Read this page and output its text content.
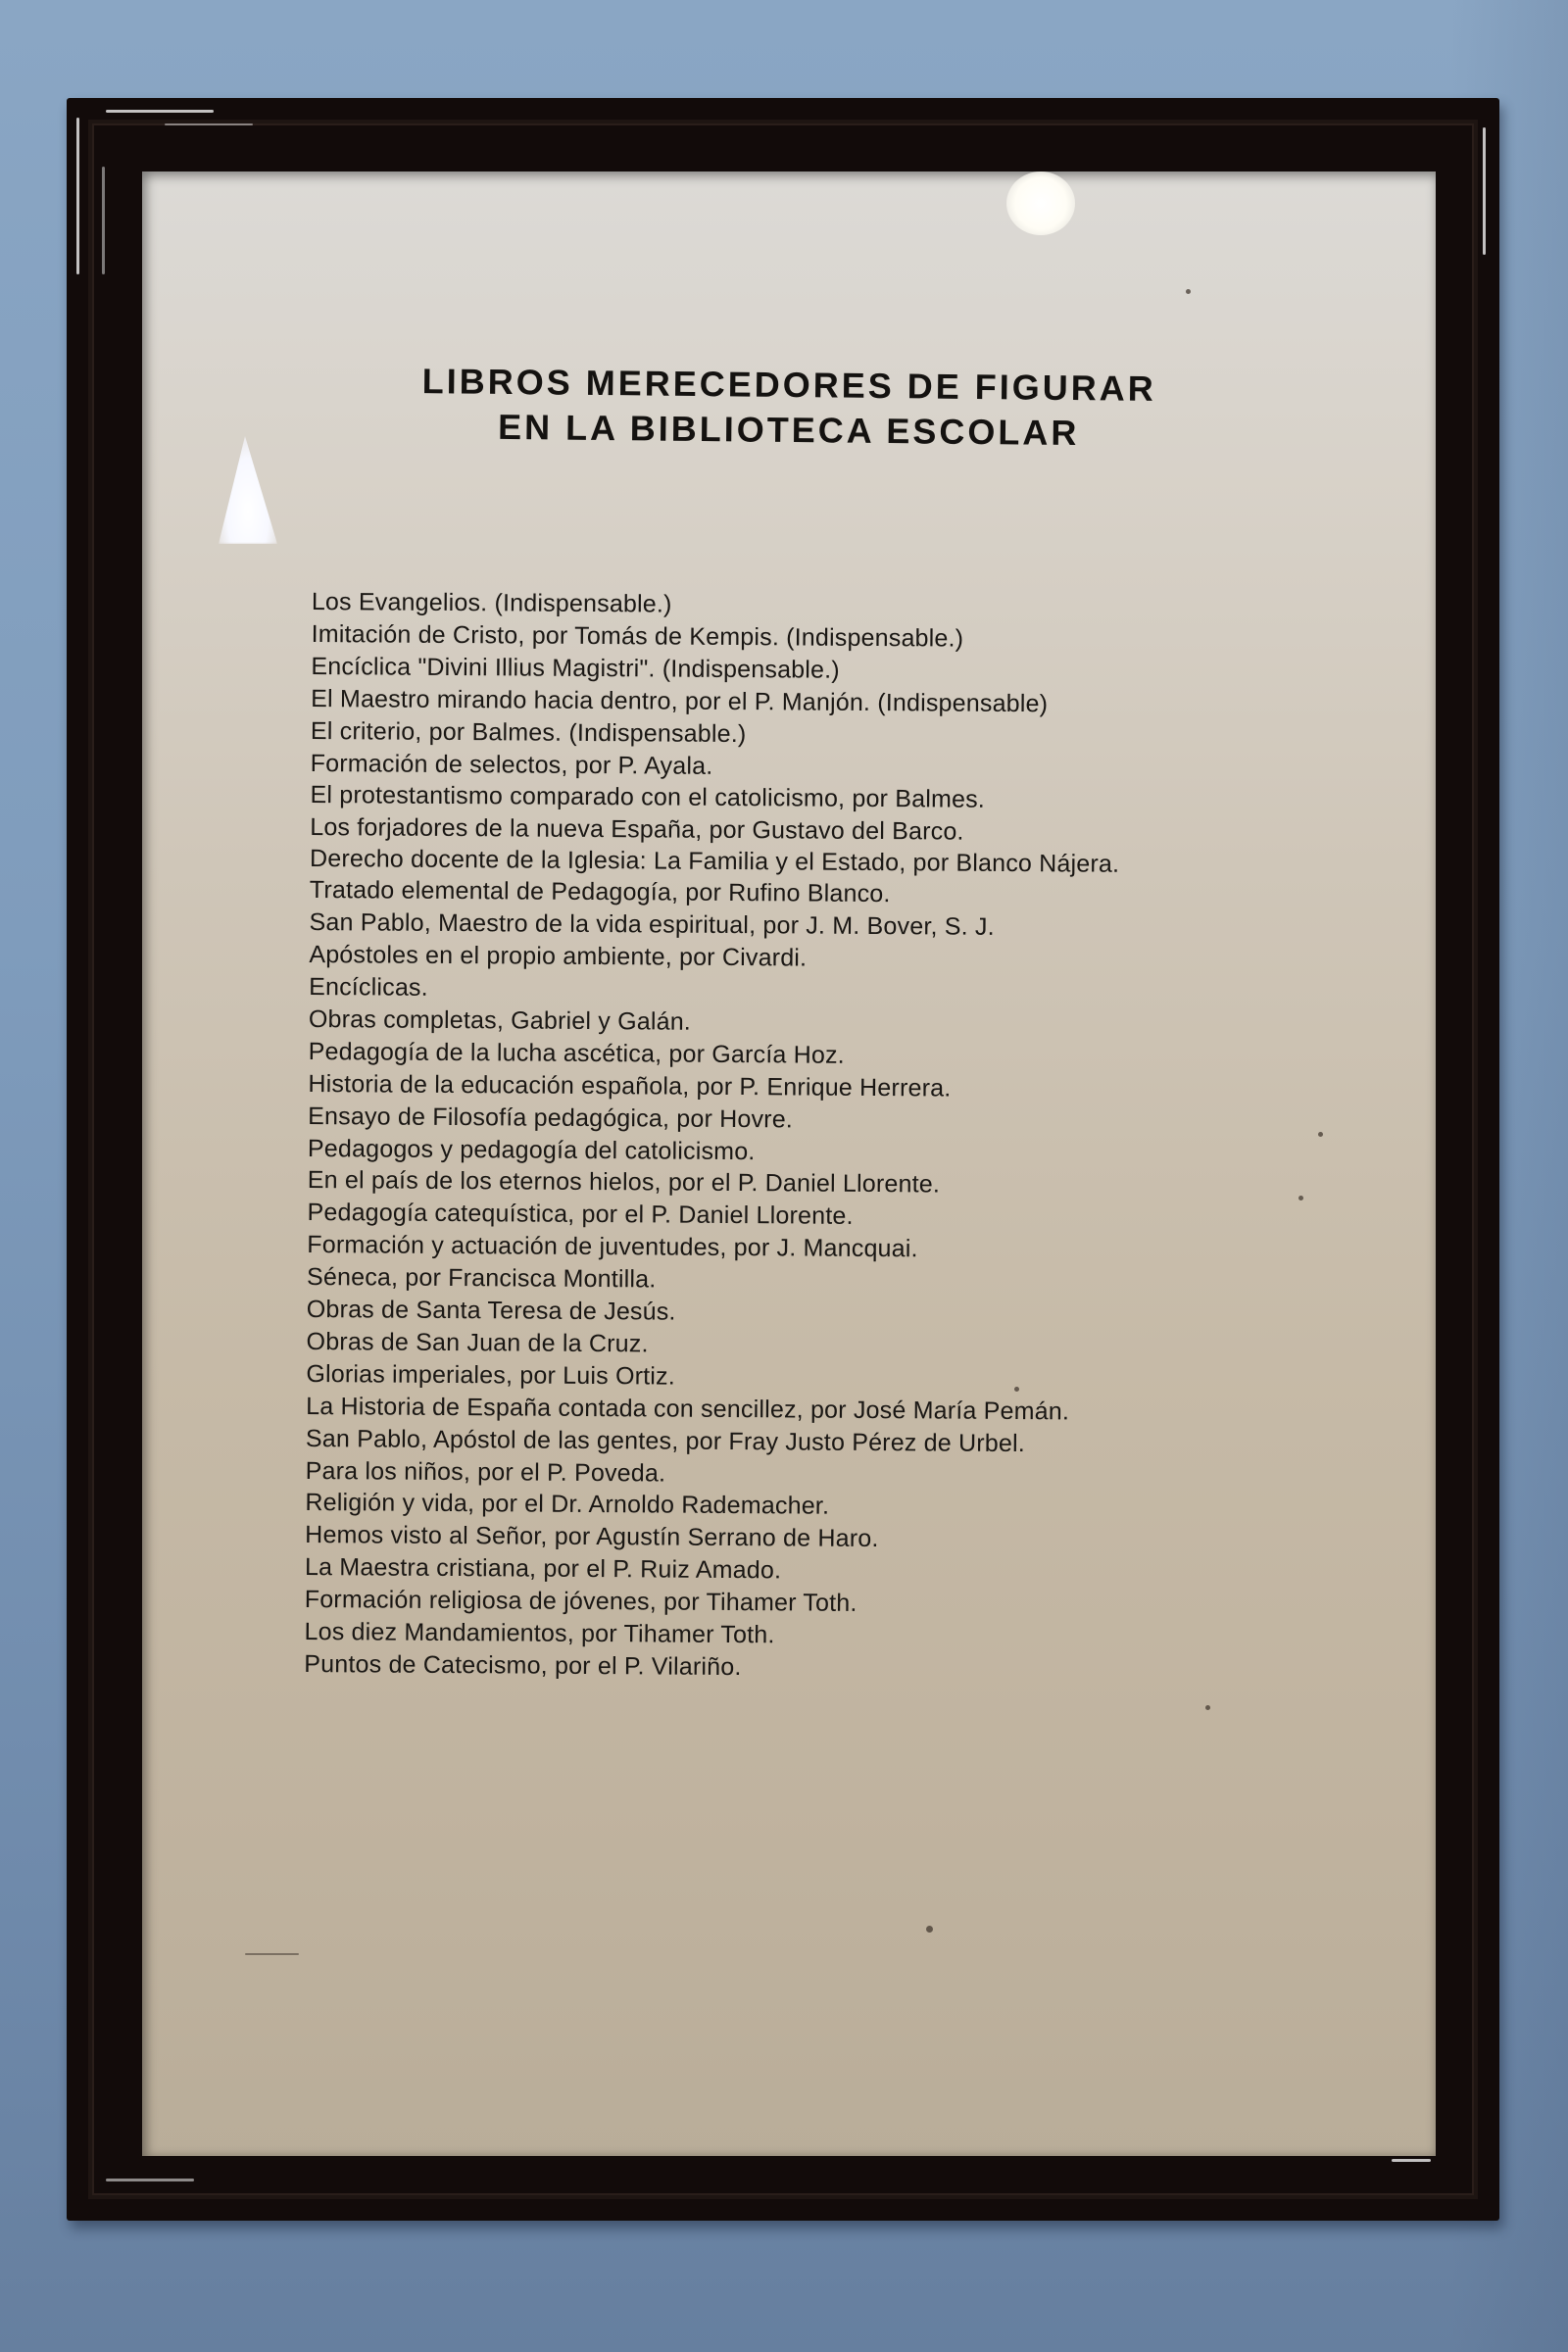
LIBROS MERECEDORES DE FIGURAR
EN LA BIBLIOTECA ESCOLAR
Los Evangelios. (Indispensable.)
Imitación de Cristo, por Tomás de Kempis. (Indispensable.)
Encíclica "Divini Illius Magistri". (Indispensable.)
El Maestro mirando hacia dentro, por el P. Manjón. (Indispensable)
El criterio, por Balmes. (Indispensable.)
Formación de selectos, por P. Ayala.
El protestantismo comparado con el catolicismo, por Balmes.
Los forjadores de la nueva España, por Gustavo del Barco.
Derecho docente de la Iglesia: La Familia y el Estado, por Blanco Nájera.
Tratado elemental de Pedagogía, por Rufino Blanco.
San Pablo, Maestro de la vida espiritual, por J. M. Bover, S. J.
Apóstoles en el propio ambiente, por Civardi.
Encíclicas.
Obras completas, Gabriel y Galán.
Pedagogía de la lucha ascética, por García Hoz.
Historia de la educación española, por P. Enrique Herrera.
Ensayo de Filosofía pedagógica, por Hovre.
Pedagogos y pedagogía del catolicismo.
En el país de los eternos hielos, por el P. Daniel Llorente.
Pedagogía catequística, por el P. Daniel Llorente.
Formación y actuación de juventudes, por J. Mancquai.
Séneca, por Francisca Montilla.
Obras de Santa Teresa de Jesús.
Obras de San Juan de la Cruz.
Glorias imperiales, por Luis Ortiz.
La Historia de España contada con sencillez, por José María Pemán.
San Pablo, Apóstol de las gentes, por Fray Justo Pérez de Urbel.
Para los niños, por el P. Poveda.
Religión y vida, por el Dr. Arnoldo Rademacher.
Hemos visto al Señor, por Agustín Serrano de Haro.
La Maestra cristiana, por el P. Ruiz Amado.
Formación religiosa de jóvenes, por Tihamer Toth.
Los diez Mandamientos, por Tihamer Toth.
Puntos de Catecismo, por el P. Vilariño.
